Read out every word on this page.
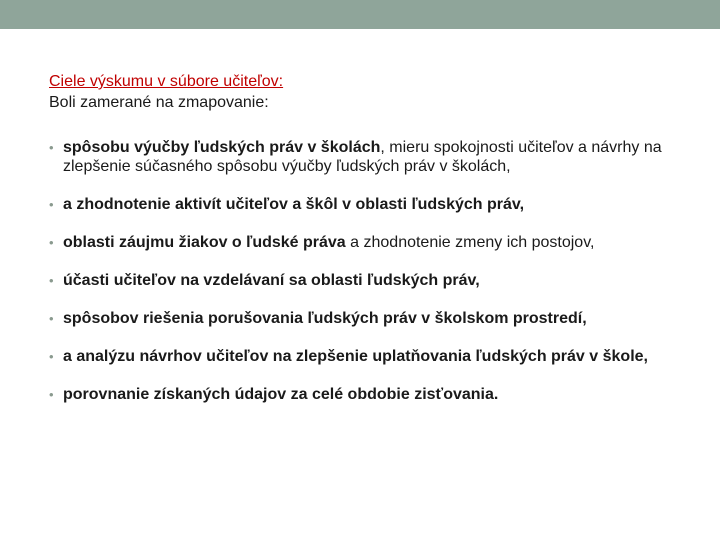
Ciele výskumu v súbore učiteľov:

Boli zamerané na zmapovanie:

• spôsobu výučby ľudských práv v školách, mieru spokojnosti učiteľov a návrhy na zlepšenie súčasného spôsobu výučby ľudských práv v školách,
• a zhodnotenie aktivít učiteľov a škôl v oblasti ľudských práv,
• oblasti záujmu žiakov o ľudské práva a zhodnotenie zmeny ich postojov,
• účasti učiteľov na vzdelávaní sa oblasti ľudských práv,
• spôsobov riešenia porušovania ľudských práv v školskom prostredí,
• a analýzu návrhov učiteľov na zlepšenie uplatňovania ľudských práv v škole,
• porovnanie získaných údajov za celé obdobie zisťovania.
